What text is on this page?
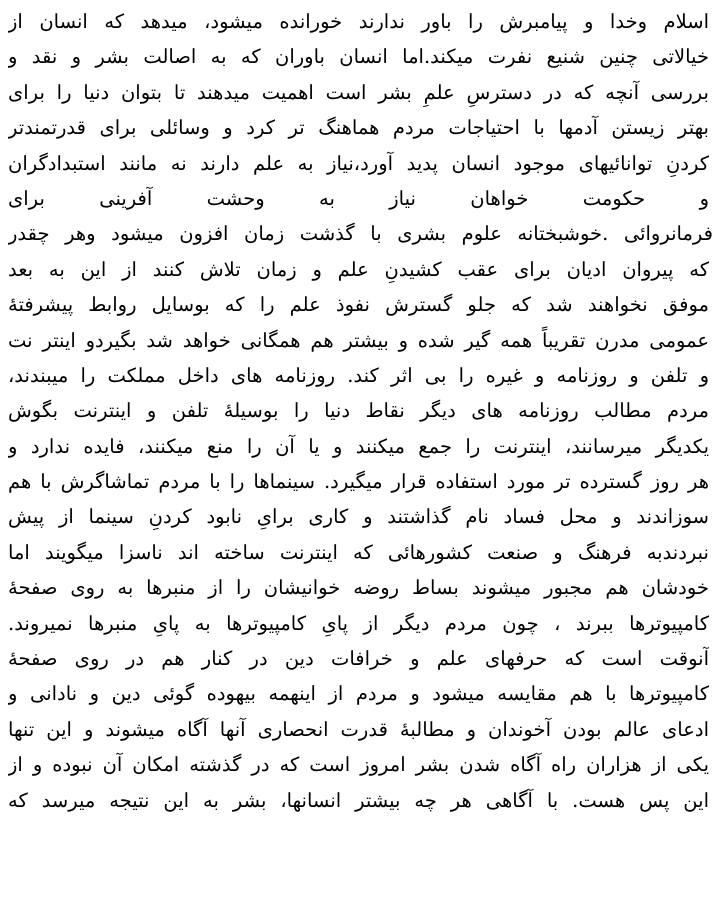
اسلام وخدا و پیامبرش را باور ندارند خورانده میشود، میدهد که انسان از
خیالاتی چنین شنیع نفرت میکند.اما انسان باوران که به اصالت بشر و نقد و
بررسی آنچه که در دسترسِ علمِ بشر است اهمیت میدهند تا بتوان دنیا را برای
بهتر زیستن آدمها با احتیاجات مردم هماهنگ تر کرد و وسائلی برای قدرتمندتر
کردنِ توانائیهای موجود انسان پدید آورد،نیاز به علم دارند نه مانند استبدادگران
و حکومت خواهان نیاز به وحشت آفرینی برای
فرمانروائی .خوشبختانه علوم بشری با گذشت زمان افزون میشود وهر چقدر
که پیروان ادیان برای عقب کشیدنِ علم و زمان تلاش کنند از این به بعد
موفق نخواهند شد که جلو گسترش نفوذ علم را که بوسایل روابط پیشرفتۀ
عمومی مدرن تقریباً همه گیر شده و بیشتر هم همگانی خواهد شد بگیردو اینتر نت
و تلفن و روزنامه و غیره را بی اثر کند. روزنامه های داخل مملکت را میبندند،
مردم مطالب روزنامه های دیگر نقاط دنیا را بوسیلۀ تلفن و اینترنت بگوش
یکدیگر میرسانند، اینترنت را جمع میکنند و یا آن را منع میکنند، فایده ندارد و
هر روز گسترده تر مورد استفاده قرار میگیرد. سینماها را با مردم تماشاگرش با هم
سوزاندند و محل فساد نام گذاشتند و کاری برایِ نابود کردنِ سینما از پیش
نبردندبه فرهنگ و صنعت کشورهائی که اینترنت ساخته اند ناسزا میگویند اما
خودشان هم مجبور میشوند بساط روضه خوانیشان را از منبرها به روی صفحۀ
کامپیوترها ببرند ، چون مردم دیگر از پایِ کامپیوترها به پایِ منبرها نمیروند.
آنوقت است که حرفهای علم و خرافات دین در کنار هم در روی صفحۀ
کامپیوترها با هم مقایسه میشود و مردم از اینهمه بیهوده گوئی دین و نادانی و
ادعای عالم بودن آخوندان و مطالبۀ قدرت انحصاری آنها آگاه میشوند و این تنها
یکی از هزاران راه آگاه شدن بشر امروز است که در گذشته امکان آن نبوده و از
این پس هست. با آگاهی هر چه بیشتر انسانها، بشر به این نتیجه میرسد که
